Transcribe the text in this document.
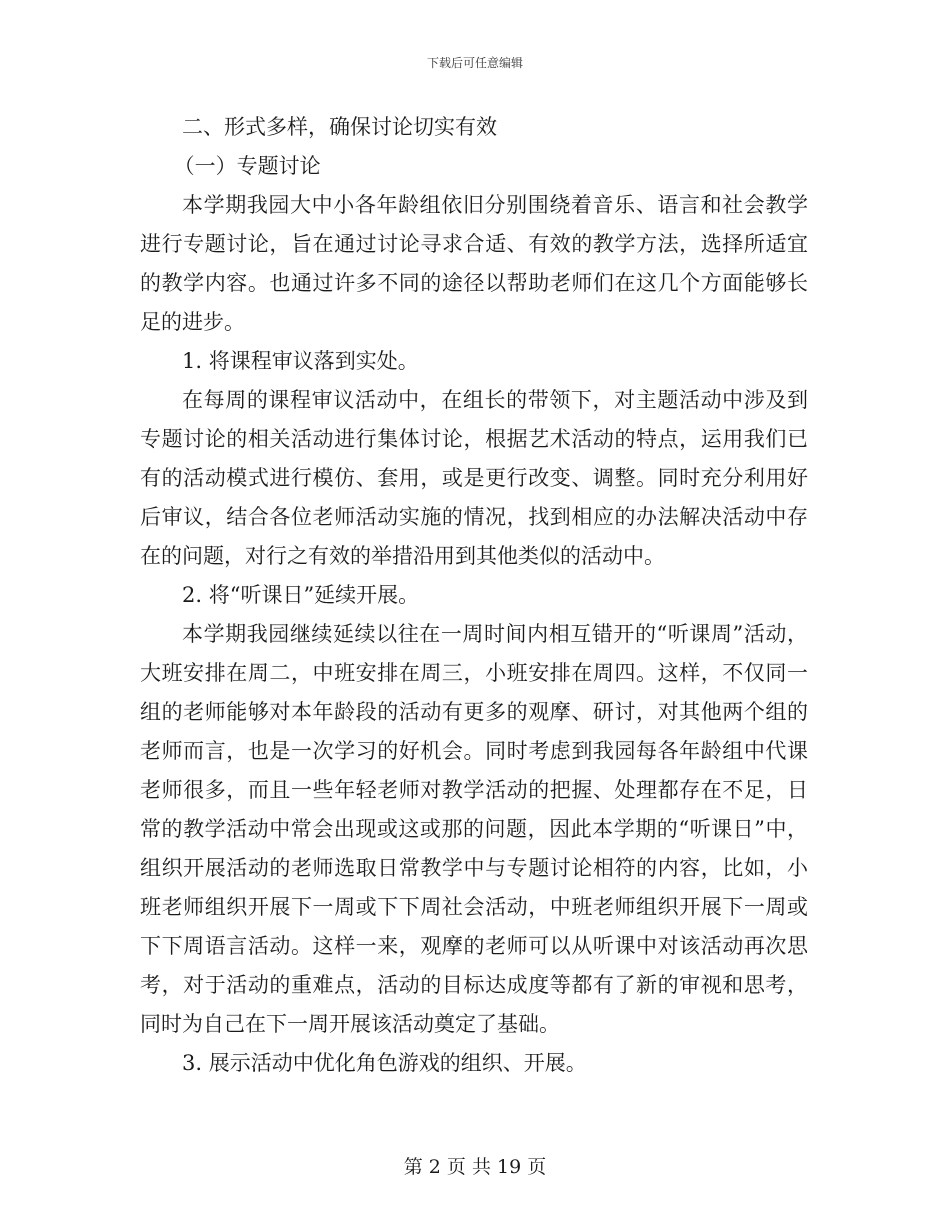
下载后可任意编辑

二、形式多样，确保讨论切实有效

（一）专题讨论

本学期我园大中小各年龄组依旧分别围绕着音乐、语言和社会教学进行专题讨论，旨在通过讨论寻求合适、有效的教学方法，选择所适宜的教学内容。也通过许多不同的途径以帮助老师们在这几个方面能够长足的进步。

1. 将课程审议落到实处。

在每周的课程审议活动中，在组长的带领下，对主题活动中涉及到专题讨论的相关活动进行集体讨论，根据艺术活动的特点，运用我们已有的活动模式进行模仿、套用，或是更行改变、调整。同时充分利用好后审议，结合各位老师活动实施的情况，找到相应的办法解决活动中存在的问题，对行之有效的举措沿用到其他类似的活动中。

2. 将“听课日”延续开展。

本学期我园继续延续以往在一周时间内相互错开的“听课周”活动，大班安排在周二，中班安排在周三，小班安排在周四。这样，不仅同一组的老师能够对本年龄段的活动有更多的观摩、研讨，对其他两个组的老师而言，也是一次学习的好机会。同时考虑到我园每各年龄组中代课老师很多，而且一些年轻老师对教学活动的把握、处理都存在不足，日常的教学活动中常会出现或这或那的问题，因此本学期的“听课日”中，组织开展活动的老师选取日常教学中与专题讨论相符的内容，比如，小班老师组织开展下一周或下下周社会活动，中班老师组织开展下一周或下下周语言活动。这样一来，观摩的老师可以从听课中对该活动再次思考，对于活动的重难点，活动的目标达成度等都有了新的审视和思考，同时为自己在下一周开展该活动奠定了基础。

3. 展示活动中优化角色游戏的组织、开展。

第 2 页 共 19 页
